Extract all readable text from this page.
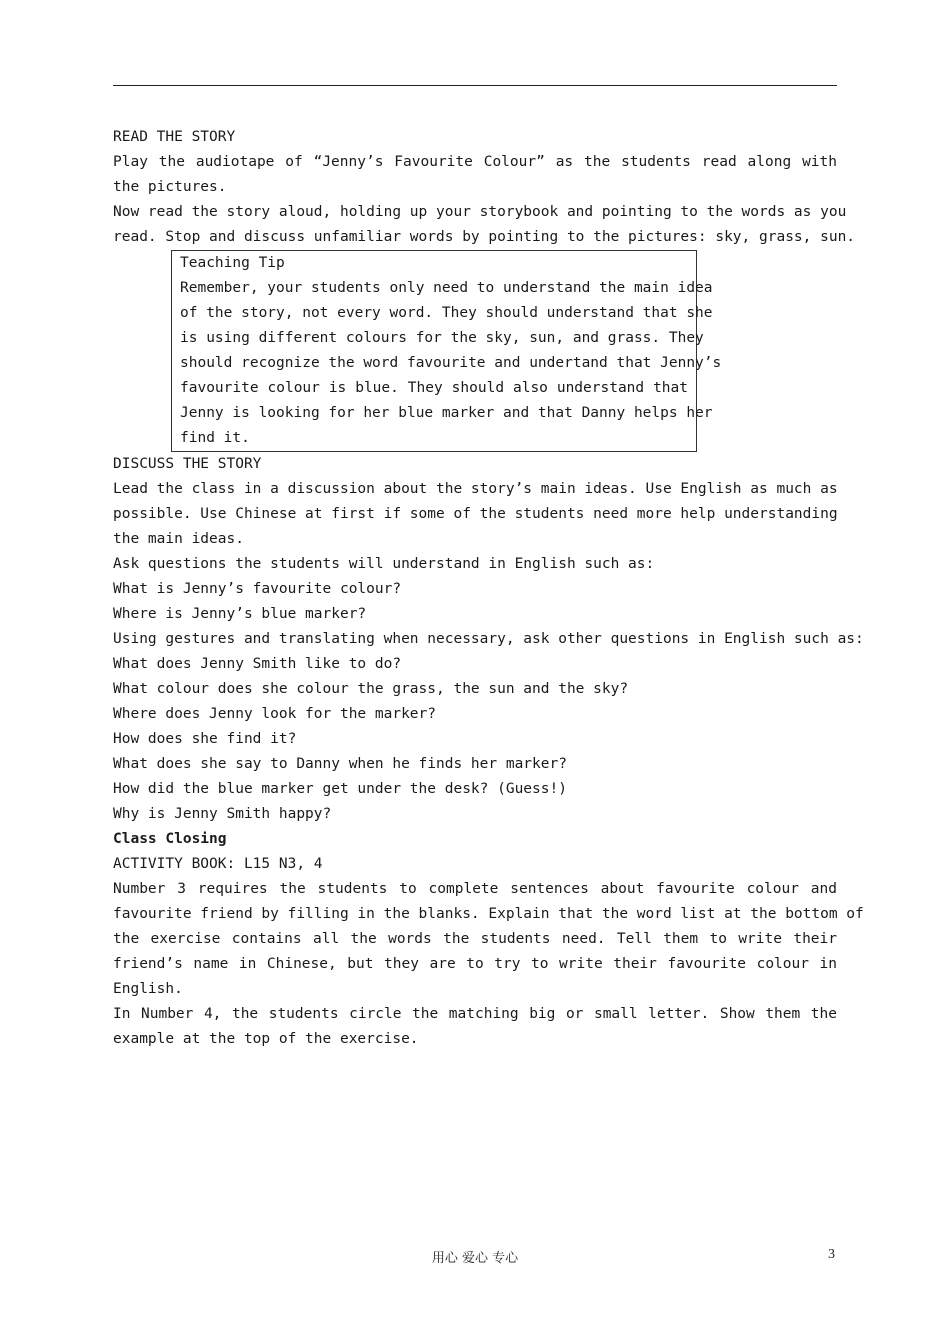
READ THE STORY
Play the audiotape of “Jenny’s Favourite Colour” as the students read along with
the pictures.
Now read the story aloud, holding up your storybook and pointing to the words as you
read. Stop and discuss unfamiliar words by pointing to the pictures: sky, grass, sun.
Teaching Tip
Remember, your students only need to understand the main idea
of the story, not every word. They should understand that she
is using different colours for the sky, sun, and grass. They
should recognize the word favourite and undertand that Jenny’s
favourite colour is blue. They should also understand that
Jenny is looking for her blue marker and that Danny helps her
find it.
DISCUSS THE STORY
Lead the class in a discussion about the story’s main ideas. Use English as much as
possible. Use Chinese at first if some of the students need more help understanding
the main ideas.
Ask questions the students will understand in English such as:
What is Jenny’s favourite colour?
Where is Jenny’s blue marker?
Using gestures and translating when necessary, ask other questions in English such as:
What does Jenny Smith like to do?
What colour does she colour the grass, the sun and the sky?
Where does Jenny look for the marker?
How does she find it?
What does she say to Danny when he finds her marker?
How did the blue marker get under the desk? (Guess!)
Why is Jenny Smith happy?
Class Closing
ACTIVITY BOOK: L15 N3, 4
Number 3 requires the students to complete sentences about favourite colour and
favourite friend by filling in the blanks. Explain that the word list at the bottom of
the exercise contains all the words the students need. Tell them to write their
friend’s name in Chinese, but they are to try to write their favourite colour in
English.
In Number 4, the students circle the matching big or small letter. Show them the
example at the top of the exercise.
用心 爱心 专心	3
